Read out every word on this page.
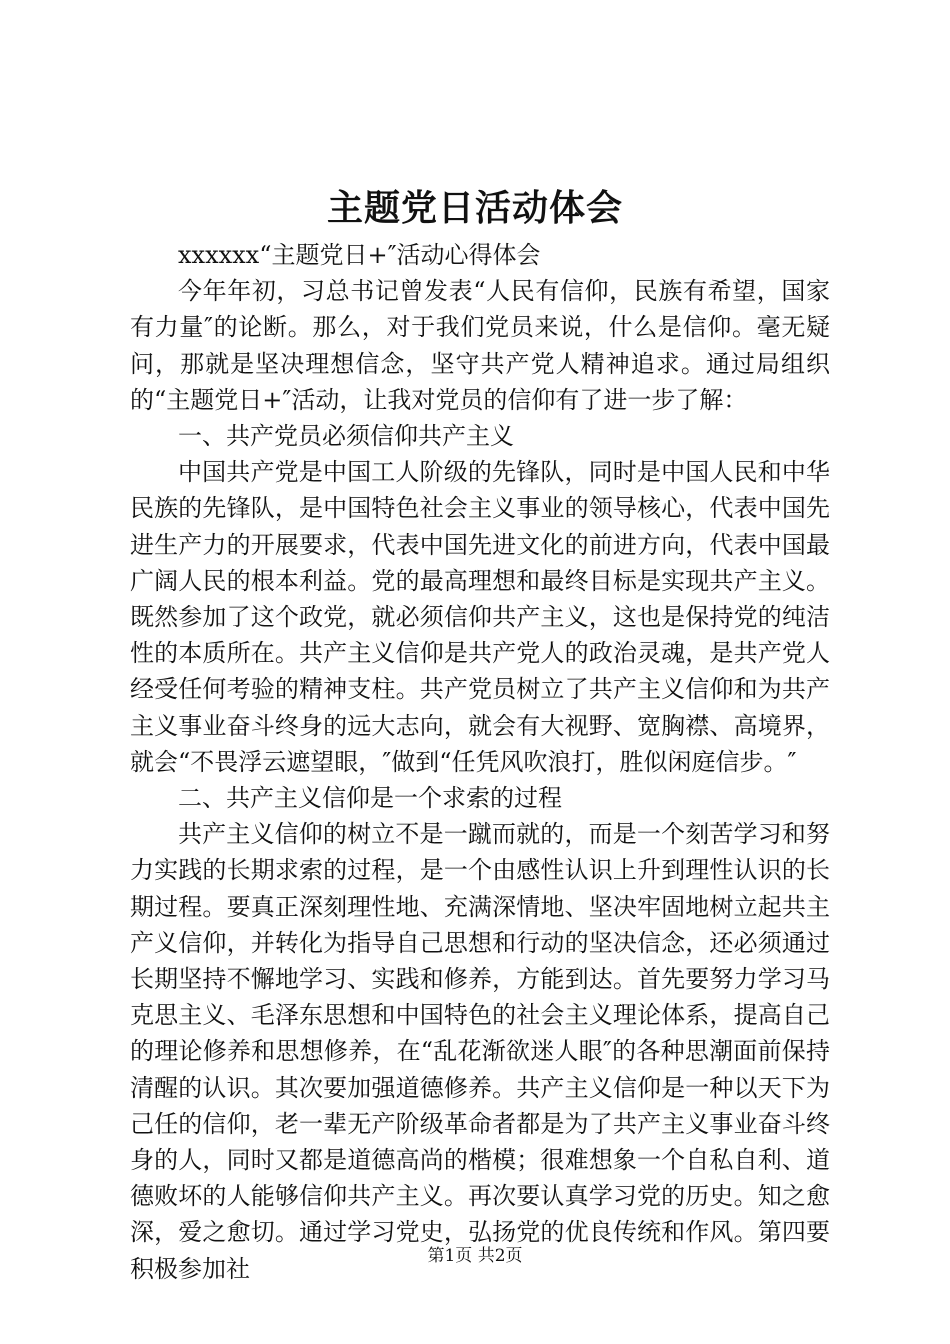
主题党日活动体会

xxxxxx“主题党日+″活动心得体会

今年年初，习总书记曾发表“人民有信仰，民族有希望，国家有力量″的论断。那么，对于我们党员来说，什么是信仰。毫无疑问，那就是坚决理想信念，坚守共产党人精神追求。通过局组织的“主题党日+″活动，让我对党员的信仰有了进一步了解：

一、共产党员必须信仰共产主义

中国共产党是中国工人阶级的先锋队，同时是中国人民和中华民族的先锋队，是中国特色社会主义事业的领导核心，代表中国先进生产力的开展要求，代表中国先进文化的前进方向，代表中国最广阔人民的根本利益。党的最高理想和最终目标是实现共产主义。既然参加了这个政党，就必须信仰共产主义，这也是保持党的纯洁性的本质所在。共产主义信仰是共产党人的政治灵魂，是共产党人经受任何考验的精神支柱。共产党员树立了共产主义信仰和为共产主义事业奋斗终身的远大志向，就会有大视野、宽胸襟、高境界，就会“不畏浮云遮望眼，″做到“任凭风吹浪打，胜似闲庭信步。″

二、共产主义信仰是一个求索的过程

共产主义信仰的树立不是一蹴而就的，而是一个刻苦学习和努力实践的长期求索的过程，是一个由感性认识上升到理性认识的长期过程。要真正深刻理性地、充满深情地、坚决牢固地树立起共主产义信仰，并转化为指导自己思想和行动的坚决信念，还必须通过长期坚持不懈地学习、实践和修养，方能到达。首先要努力学习马克思主义、毛泽东思想和中国特色的社会主义理论体系，提高自己的理论修养和思想修养，在“乱花渐欲迷人眼″的各种思潮面前保持清醒的认识。其次要加强道德修养。共产主义信仰是一种以天下为己任的信仰，老一辈无产阶级革命者都是为了共产主义事业奋斗终身的人，同时又都是道德高尚的楷模；很难想象一个自私自利、道德败坏的人能够信仰共产主义。再次要认真学习党的历史。知之愈深，爱之愈切。通过学习党史，弘扬党的优良传统和作风。第四要积极参加社	第1页 共2页
